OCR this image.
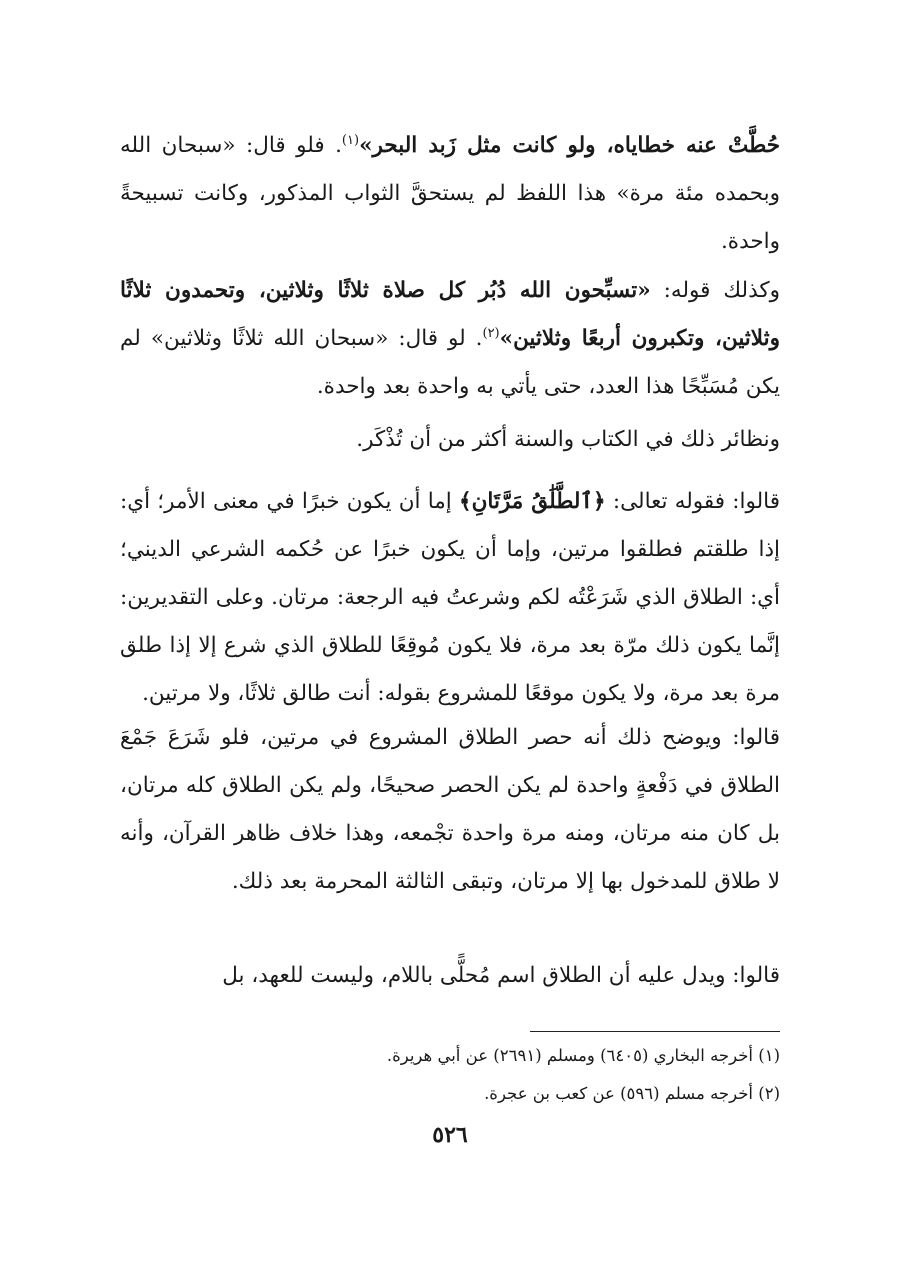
حُطَّتْ عنه خطاياه، ولو كانت مثل زَبد البحر»$^{(١)}$. فلو قال: «سبحان الله وبحمده مئة مرة» هذا اللفظ لم يستحقَّ الثواب المذكور، وكانت تسبيحةً واحدة.

وكذلك قوله: «تسبِّحون الله دُبُر كل صلاة ثلاثًا وثلاثين، وتحمدون ثلاثًا وثلاثين، وتكبرون أربعًا وثلاثين»$^{(٢)}$. لو قال: «سبحان الله ثلاثًا وثلاثين» لم يكن مُسَبِّحًا هذا العدد، حتى يأتي به واحدة بعد واحدة.

ونظائر ذلك في الكتاب والسنة أكثر من أن تُذْكَر.

قالوا: فقوله تعالى: ﴿ٱلطَّلَٰقُ مَرَّتَانِ﴾ إما أن يكون خبرًا في معنى الأمر؛ أي: إذا طلقتم فطلقوا مرتين، وإما أن يكون خبرًا عن حُكمه الشرعي الديني؛ أي: الطلاق الذي شَرَعْتُه لكم وشرعتُ فيه الرجعة: مرتان. وعلى التقديرين: إنَّما يكون ذلك مرّة بعد مرة، فلا يكون مُوقِعًا للطلاق الذي شرع إلا إذا طلق مرة بعد مرة، ولا يكون موقعًا للمشروع بقوله: أنت طالق ثلاثًا، ولا مرتين.

قالوا: ويوضح ذلك أنه حصر الطلاق المشروع في مرتين، فلو شَرَعَ جَمْعَ الطلاق في دَفْعةٍ واحدة لم يكن الحصر صحيحًا، ولم يكن الطلاق كله مرتان، بل كان منه مرتان، ومنه مرة واحدة تجْمعه، وهذا خلاف ظاهر القرآن، وأنه لا طلاق للمدخول بها إلا مرتان، وتبقى الثالثة المحرمة بعد ذلك.

قالوا: ويدل عليه أن الطلاق اسم مُحلًّى باللام، وليست للعهد، بل

(١) أخرجه البخاري (٦٤٠٥) ومسلم (٢٦٩١) عن أبي هريرة.

(٢) أخرجه مسلم (٥٩٦) عن كعب بن عجرة.

٥٢٦
